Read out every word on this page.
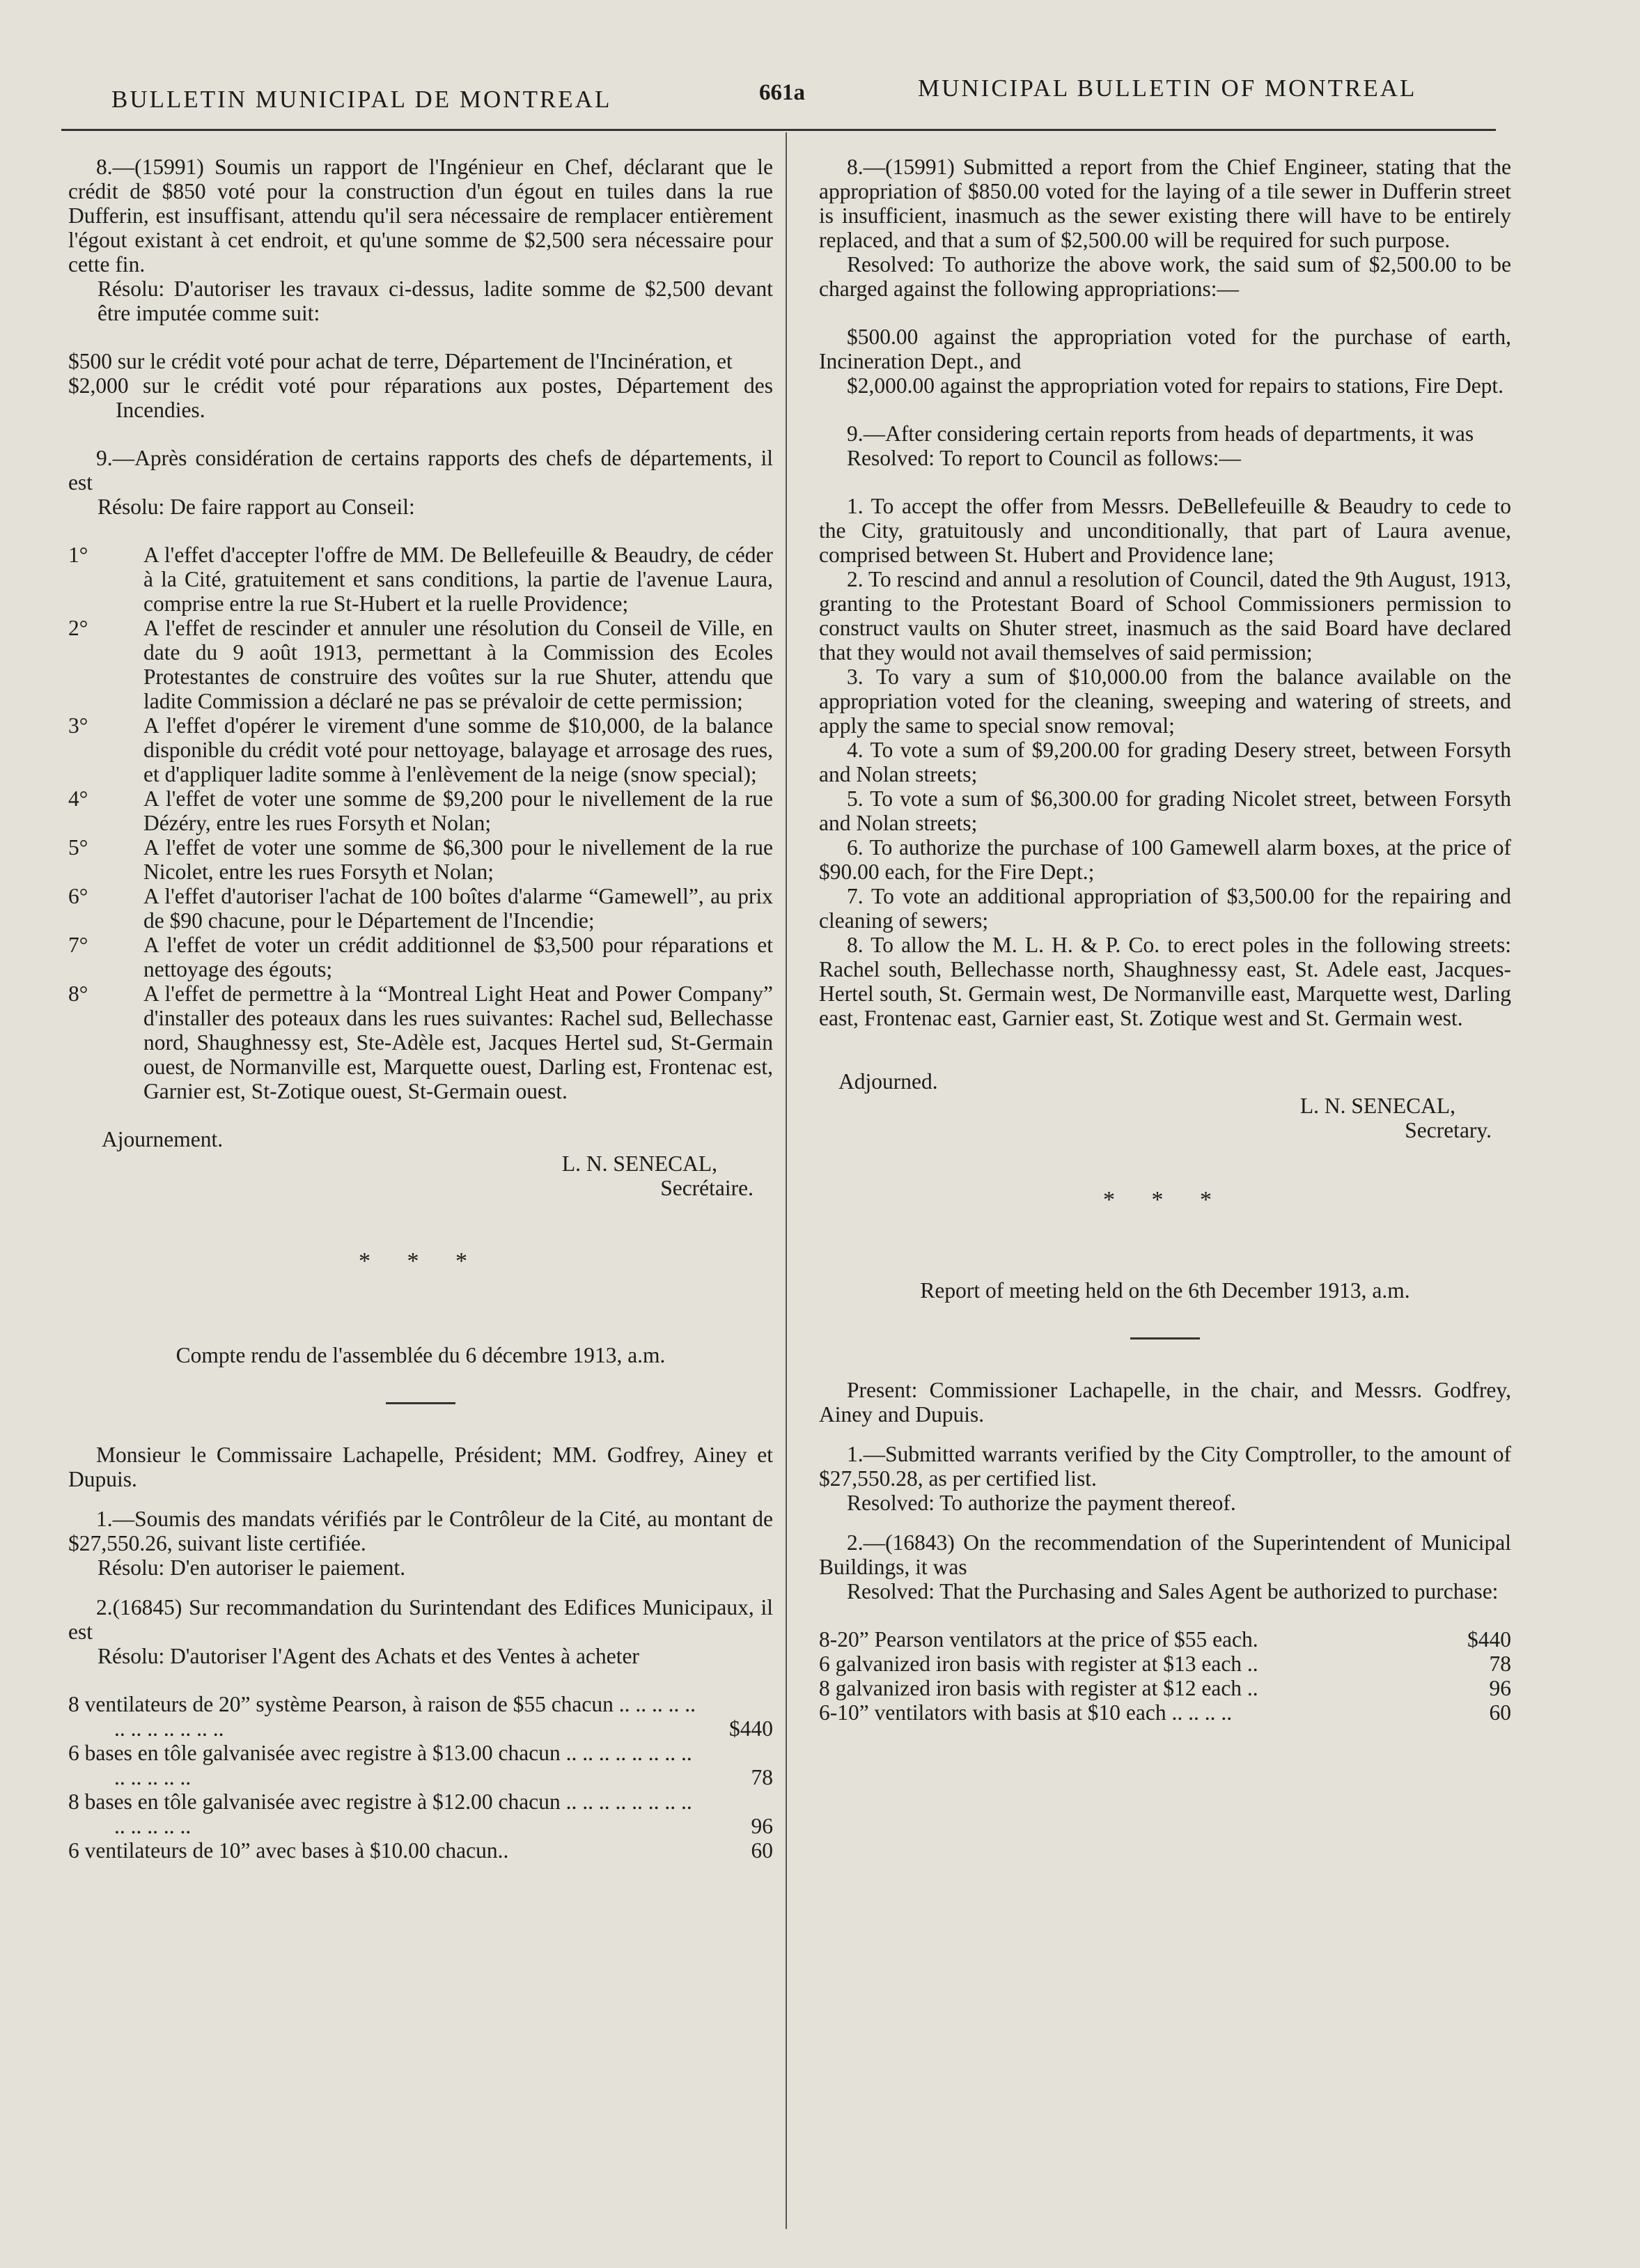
BULLETIN MUNICIPAL DE MONTREAL	661a	MUNICIPAL BULLETIN OF MONTREAL

8.—(15991) Soumis un rapport de l'Ingénieur en Chef, déclarant que le crédit de $850 voté pour la construction d'un égout en tuiles dans la rue Dufferin, est insuffisant, attendu qu'il sera nécessaire de remplacer entièrement l'égout existant à cet endroit, et qu'une somme de $2,500 sera nécessaire pour cette fin.

Résolu: D'autoriser les travaux ci-dessus, ladite somme de $2,500 devant être imputée comme suit:

$500 sur le crédit voté pour achat de terre, Département de l'Incinération, et

$2,000 sur le crédit voté pour réparations aux postes, Département des Incendies.

9.—Après considération de certains rapports des chefs de départements, il est

Résolu: De faire rapport au Conseil:

1°	A l'effet d'accepter l'offre de MM. De Bellefeuille & Beaudry, de céder à la Cité, gratuitement et sans conditions, la partie de l'avenue Laura, comprise entre la rue St-Hubert et la ruelle Providence;
2°	A l'effet de rescinder et annuler une résolution du Conseil de Ville, en date du 9 août 1913, permettant à la Commission des Ecoles Protestantes de construire des voûtes sur la rue Shuter, attendu que ladite Commission a déclaré ne pas se prévaloir de cette permission;
3°	A l'effet d'opérer le virement d'une somme de $10,000, de la balance disponible du crédit voté pour nettoyage, balayage et arrosage des rues, et d'appliquer ladite somme à l'enlèvement de la neige (snow special);
4°	A l'effet de voter une somme de $9,200 pour le nivellement de la rue Dézéry, entre les rues Forsyth et Nolan;
5°	A l'effet de voter une somme de $6,300 pour le nivellement de la rue Nicolet, entre les rues Forsyth et Nolan;
6°	A l'effet d'autoriser l'achat de 100 boîtes d'alarme “Gamewell”, au prix de $90 chacune, pour le Département de l'Incendie;
7°	A l'effet de voter un crédit additionnel de $3,500 pour réparations et nettoyage des égouts;
8°	A l'effet de permettre à la “Montreal Light Heat and Power Company” d'installer des poteaux dans les rues suivantes: Rachel sud, Bellechasse nord, Shaughnessy est, Ste-Adèle est, Jacques Hertel sud, St-Germain ouest, de Normanville est, Marquette ouest, Darling est, Frontenac est, Garnier est, St-Zotique ouest, St-Germain ouest.

Ajournement.

L. N. SENECAL,
Secrétaire.
* * *

Compte rendu de l'assemblée du 6 décembre 1913, a.m.

Monsieur le Commissaire Lachapelle, Président; MM. Godfrey, Ainey et Dupuis.

1.—Soumis des mandats vérifiés par le Contrôleur de la Cité, au montant de $27,550.26, suivant liste certifiée.

Résolu: D'en autoriser le paiement.

2.(16845) Sur recommandation du Surintendant des Edifices Municipaux, il est

Résolu: D'autoriser l'Agent des Achats et des Ventes à acheter

8 ventilateurs de 20” système Pearson, à raison de $55 chacun .. .. .. .. .. .. .. .. .. .. .. ..	$440
6 bases en tôle galvanisée avec registre à $13.00 chacun .. .. .. .. .. .. .. .. .. .. .. .. ..	78
8 bases en tôle galvanisée avec registre à $12.00 chacun .. .. .. .. .. .. .. .. .. .. .. .. ..	96
6 ventilateurs de 10” avec bases à $10.00 chacun..	60

8.—(15991) Submitted a report from the Chief Engineer, stating that the appropriation of $850.00 voted for the laying of a tile sewer in Dufferin street is insufficient, inasmuch as the sewer existing there will have to be entirely replaced, and that a sum of $2,500.00 will be required for such purpose.

Resolved: To authorize the above work, the said sum of $2,500.00 to be charged against the following appropriations:—

$500.00 against the appropriation voted for the purchase of earth, Incineration Dept., and

$2,000.00 against the appropriation voted for repairs to stations, Fire Dept.

9.—After considering certain reports from heads of departments, it was

Resolved: To report to Council as follows:—

1. To accept the offer from Messrs. DeBellefeuille & Beaudry to cede to the City, gratuitously and unconditionally, that part of Laura avenue, comprised between St. Hubert and Providence lane;

2. To rescind and annul a resolution of Council, dated the 9th August, 1913, granting to the Protestant Board of School Commissioners permission to construct vaults on Shuter street, inasmuch as the said Board have declared that they would not avail themselves of said permission;

3. To vary a sum of $10,000.00 from the balance available on the appropriation voted for the cleaning, sweeping and watering of streets, and apply the same to special snow removal;

4. To vote a sum of $9,200.00 for grading Desery street, between Forsyth and Nolan streets;

5. To vote a sum of $6,300.00 for grading Nicolet street, between Forsyth and Nolan streets;

6. To authorize the purchase of 100 Gamewell alarm boxes, at the price of $90.00 each, for the Fire Dept.;

7. To vote an additional appropriation of $3,500.00 for the repairing and cleaning of sewers;

8. To allow the M. L. H. & P. Co. to erect poles in the following streets: Rachel south, Bellechasse north, Shaughnessy east, St. Adele east, Jacques-Hertel south, St. Germain west, De Normanville east, Marquette west, Darling east, Frontenac east, Garnier east, St. Zotique west and St. Germain west.

Adjourned.

L. N. SENECAL,
Secretary.
* * *

Report of meeting held on the 6th December 1913, a.m.

Present: Commissioner Lachapelle, in the chair, and Messrs. Godfrey, Ainey and Dupuis.

1.—Submitted warrants verified by the City Comptroller, to the amount of $27,550.28, as per certified list.

Resolved: To authorize the payment thereof.

2.—(16843) On the recommendation of the Superintendent of Municipal Buildings, it was

Resolved: That the Purchasing and Sales Agent be authorized to purchase:

8-20” Pearson ventilators at the price of $55 each.	$440
6 galvanized iron basis with register at $13 each ..	78
8 galvanized iron basis with register at $12 each ..	96
6-10” ventilators with basis at $10 each .. .. .. ..	60
